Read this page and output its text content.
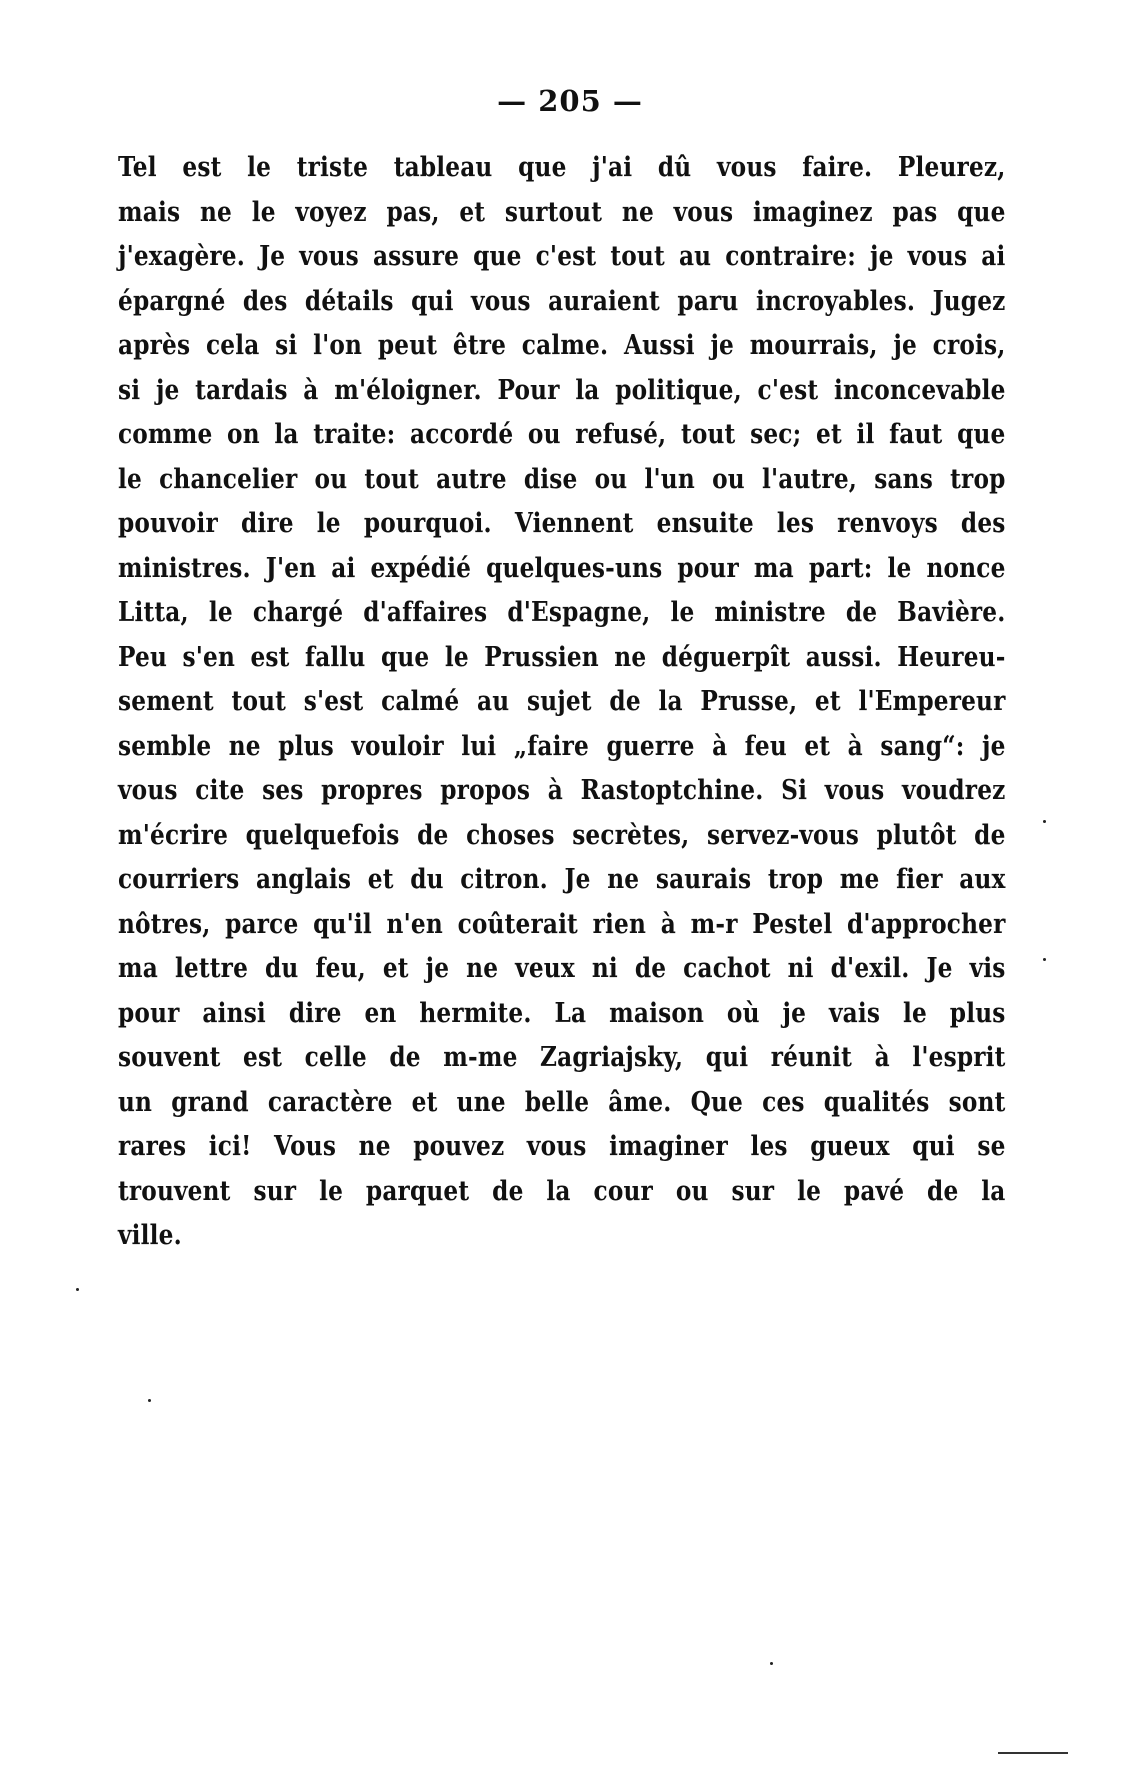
— 205 —
Tel est le triste tableau que j'ai dû vous faire. Pleurez,
mais ne le voyez pas, et surtout ne vous imaginez pas que
j'exagère. Je vous assure que c'est tout au contraire: je vous ai
épargné des détails qui vous auraient paru incroyables. Jugez
après cela si l'on peut être calme. Aussi je mourrais, je crois,
si je tardais à m'éloigner. Pour la politique, c'est inconcevable
comme on la traite: accordé ou refusé, tout sec; et il faut que
le chancelier ou tout autre dise ou l'un ou l'autre, sans trop
pouvoir dire le pourquoi. Viennent ensuite les renvoys des
ministres. J'en ai expédié quelques-uns pour ma part: le nonce
Litta, le chargé d'affaires d'Espagne, le ministre de Bavière.
Peu s'en est fallu que le Prussien ne déguerpît aussi. Heureu-
sement tout s'est calmé au sujet de la Prusse, et l'Empereur
semble ne plus vouloir lui „faire guerre à feu et à sang“: je
vous cite ses propres propos à Rastoptchine. Si vous voudrez
m'écrire quelquefois de choses secrètes, servez-vous plutôt de
courriers anglais et du citron. Je ne saurais trop me fier aux
nôtres, parce qu'il n'en coûterait rien à m-r Pestel d'approcher
ma lettre du feu, et je ne veux ni de cachot ni d'exil. Je vis
pour ainsi dire en hermite. La maison où je vais le plus
souvent est celle de m-me Zagriajsky, qui réunit à l'esprit
un grand caractère et une belle âme. Que ces qualités sont
rares ici! Vous ne pouvez vous imaginer les gueux qui se
trouvent sur le parquet de la cour ou sur le pavé de la
ville.
